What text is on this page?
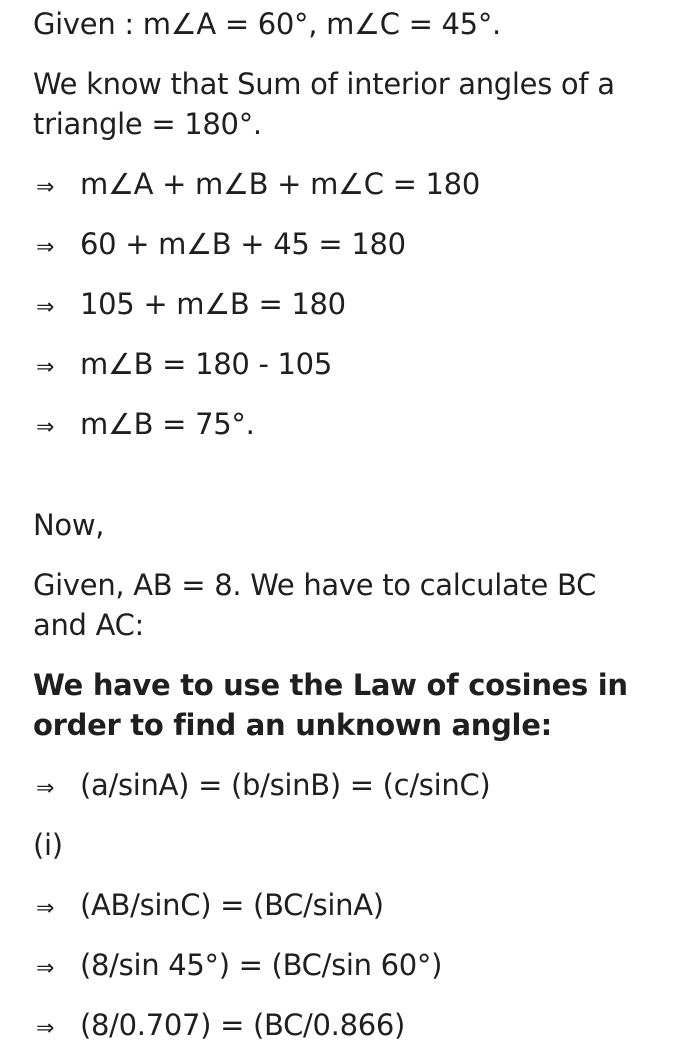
Given : m∠A = 60°, m∠C = 45°.
We know that Sum of interior angles of a
triangle = 180°.
⇒ m∠A + m∠B + m∠C = 180
⇒ 60 + m∠B + 45 = 180
⇒ 105 + m∠B = 180
⇒ m∠B = 180 - 105
⇒ m∠B = 75°.
Now,
Given, AB = 8. We have to calculate BC
and AC:
We have to use the Law of cosines in
order to find an unknown angle:
⇒ (a/sinA) = (b/sinB) = (c/sinC)
(i)
⇒ (AB/sinC) = (BC/sinA)
⇒ (8/sin 45°) = (BC/sin 60°)
⇒ (8/0.707) = (BC/0.866)
